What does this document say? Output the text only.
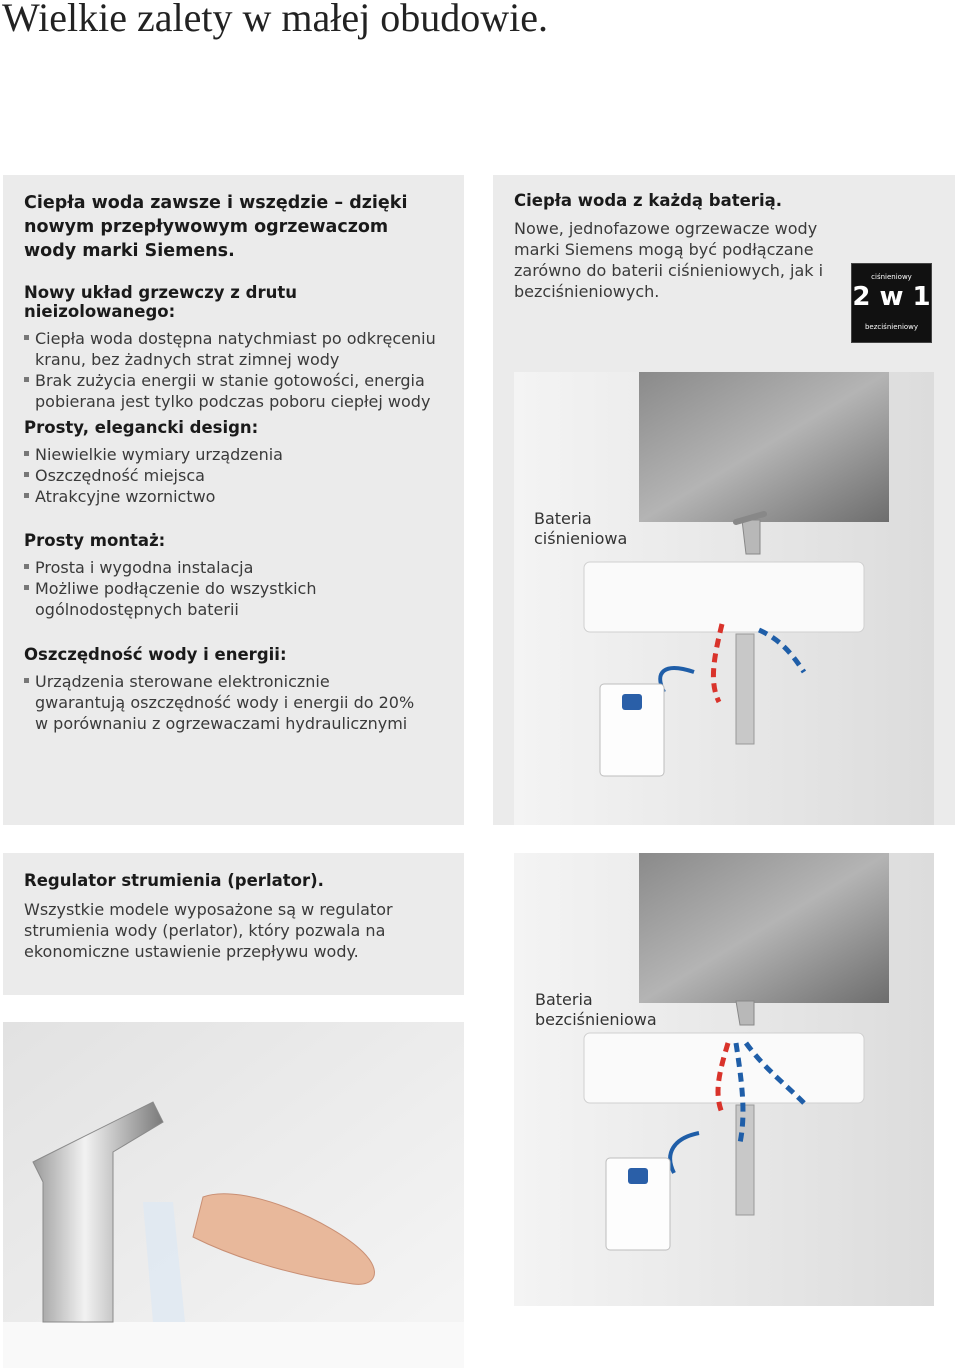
Wielkie zalety w małej obudowie.
Ciepła woda zawsze i wszędzie – dzięki nowym przepływowym ogrzewaczom wody marki Siemens.

Nowy układ grzewczy z drutu nieizolowanego:

Ciepła woda dostępna natychmiast po odkręceniu kranu, bez żadnych strat zimnej wody
Brak zużycia energii w stanie gotowości, energia pobierana jest tylko podczas poboru ciepłej wody

Prosty, elegancki design:

Niewielkie wymiary urządzenia
Oszczędność miejsca
Atrakcyjne wzornictwo

Prosty montaż:

Prosta i wygodna instalacja
Możliwe podłączenie do wszystkich ogólnodostępnych baterii

Oszczędność wody i energii:

Urządzenia sterowane elektronicznie gwarantują oszczędność wody i energii do 20% w porównaniu z ogrzewaczami hydraulicznymi

Ciepła woda z każdą baterią.

Nowe, jednofazowe ogrzewacze wody marki Siemens mogą być podłączane zarówno do baterii ciśnieniowych, jak i bezciśnieniowych.

ciśnieniowy
2 w 1
bezciśnieniowy
Bateria ciśnieniowa

Regulator strumienia (perlator).

Wszystkie modele wyposażone są w regulator strumienia wody (perlator), który pozwala na ekonomiczne ustawienie przepływu wody.

Bateria bezciśnieniowa
